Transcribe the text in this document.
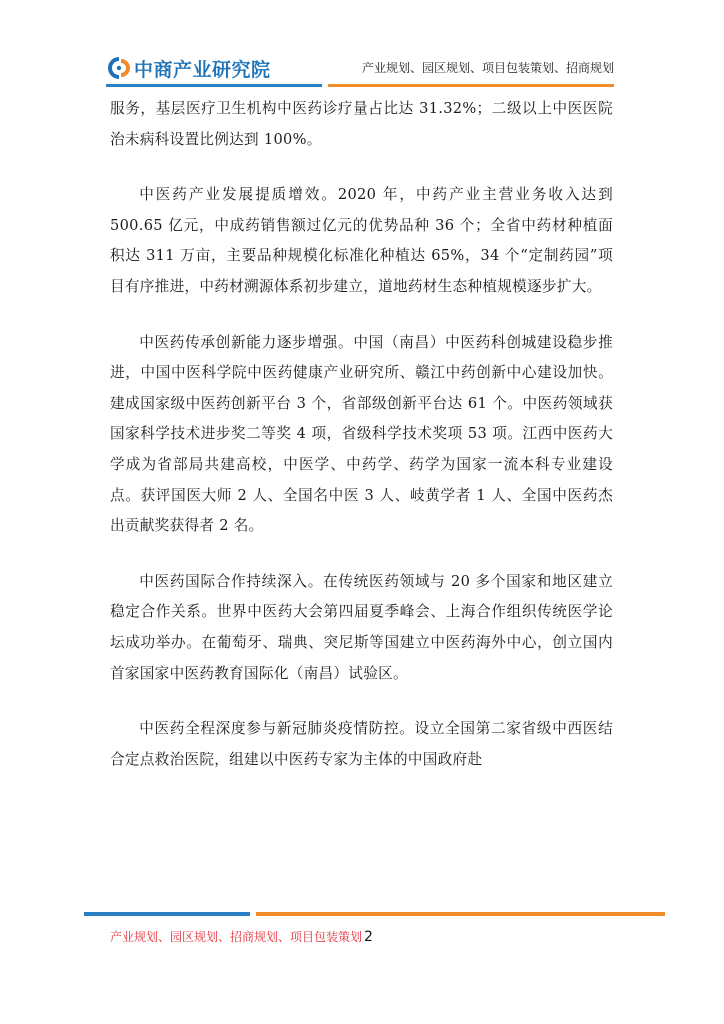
中商产业研究院	产业规划、园区规划、项目包装策划、招商规划

服务，基层医疗卫生机构中医药诊疗量占比达 31.32%；二级以上中医医院治未病科设置比例达到 100%。

中医药产业发展提质增效。2020 年，中药产业主营业务收入达到 500.65 亿元，中成药销售额过亿元的优势品种 36 个；全省中药材种植面积达 311 万亩，主要品种规模化标准化种植达 65%，34 个“定制药园”项目有序推进，中药材溯源体系初步建立，道地药材生态种植规模逐步扩大。

中医药传承创新能力逐步增强。中国（南昌）中医药科创城建设稳步推进，中国中医科学院中医药健康产业研究所、赣江中药创新中心建设加快。建成国家级中医药创新平台 3 个，省部级创新平台达 61 个。中医药领域获国家科学技术进步奖二等奖 4 项，省级科学技术奖项 53 项。江西中医药大学成为省部局共建高校，中医学、中药学、药学为国家一流本科专业建设点。获评国医大师 2 人、全国名中医 3 人、岐黄学者 1 人、全国中医药杰出贡献奖获得者 2 名。

中医药国际合作持续深入。在传统医药领域与 20 多个国家和地区建立稳定合作关系。世界中医药大会第四届夏季峰会、上海合作组织传统医学论坛成功举办。在葡萄牙、瑞典、突尼斯等国建立中医药海外中心，创立国内首家国家中医药教育国际化（南昌）试验区。

中医药全程深度参与新冠肺炎疫情防控。设立全国第二家省级中西医结合定点救治医院，组建以中医药专家为主体的中国政府赴

产业规划、园区规划、招商规划、项目包装策划 2
